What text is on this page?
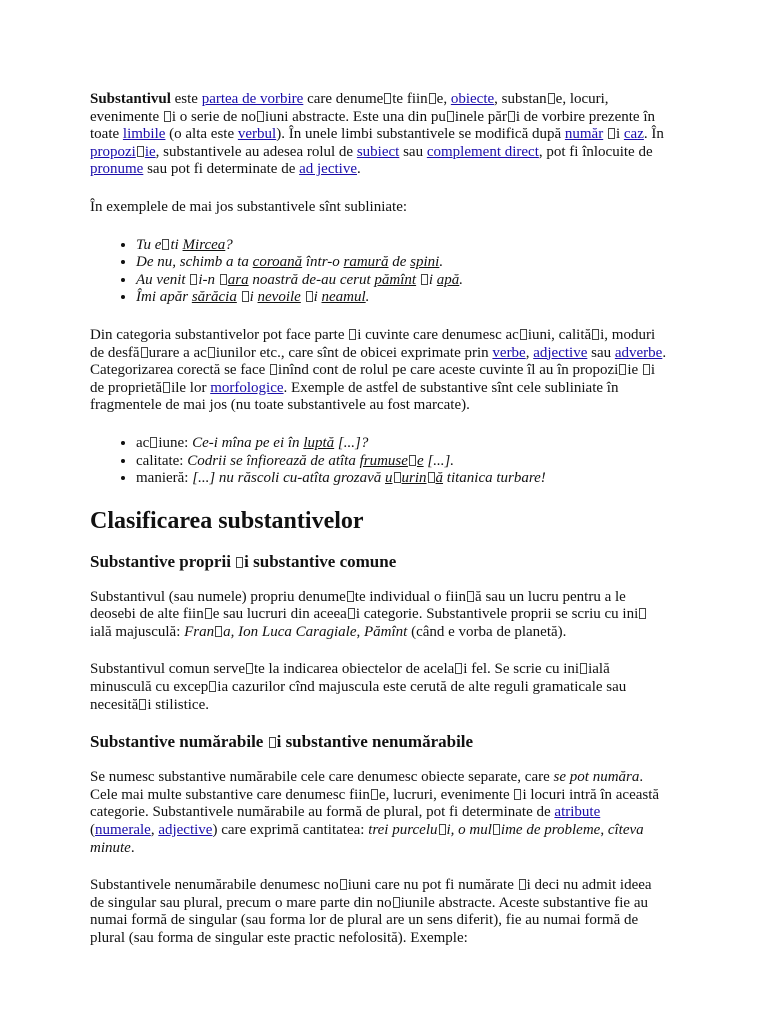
Substantivul este partea de vorbire care denume te fiin e, obiecte, substan e, locuri, evenimente i o serie de no iuni abstracte. Este una din pu inele păr i de vorbire prezente în toate limbile (o alta este verbul). În unele limbi substantivele se modifică după număr i caz. În propozi ie, substantivele au adesea rolul de subiect sau complement direct, pot fi înlocuite de pronume sau pot fi determinate de ad jective.

În exemplele de mai jos substantivele sînt subliniate:

• Tu e ti Mircea?
• De nu, schimb a ta coroană într-o ramură de spini.
• Au venit i-n ara noastră de-au cerut pămînt i apă.
• Îmi apăr sărăcia i nevoile i neamul.

Din categoria substantivelor pot face parte i cuvinte care denumesc ac iuni, calită i, moduri de desfă urare a ac iunilor etc., care sînt de obicei exprimate prin verbe, adjective sau adverbe. Categorizarea corectă se face inînd cont de rolul pe care aceste cuvinte îl au în propozi ie i de proprietă ile lor morfologice. Exemple de astfel de substantive sînt cele subliniate în fragmentele de mai jos (nu toate substantivele au fost marcate).

• ac iune: Ce-i mîna pe ei în luptă [...]?
• calitate: Codrii se înfiorează de atîta frumuse e [...].
• manieră: [...] nu răscoli cu-atîta grozavă u urin ă titanica turbare!
Clasificarea substantivelor
Substantive proprii i substantive comune

Substantivul (sau numele) propriu denume te individual o fiin ă sau un lucru pentru a le deosebi de alte fiin e sau lucruri din aceea i categorie. Substantivele proprii se scriu cu iniială majusculă: Fran a, Ion Luca Caragiale, Pămînt (când e vorba de planetă).

Substantivul comun serve te la indicarea obiectelor de acela i fel. Se scrie cu ini ială minusculă cu excep ia cazurilor cînd majuscula este cerută de alte reguli gramaticale sau necesită i stilistice.

Substantive numărabile i substantive nenumărabile

Se numesc substantive numărabile cele care denumesc obiecte separate, care se pot număra. Cele mai multe substantive care denumesc fiin e, lucruri, evenimente i locuri intră în această categorie. Substantivele numărabile au formă de plural, pot fi determinate de atribute (numerale, adjective) care exprimă cantitatea: trei purcelu i, o mul ime de probleme, cîteva minute.

Substantivele nenumărabile denumesc no iuni care nu pot fi numărate i deci nu admit ideea de singular sau plural, precum o mare parte din no iunile abstracte. Aceste substantive fie au numai formă de singular (sau forma lor de plural are un sens diferit), fie au numai formă de plural (sau forma de singular este practic nefolosită). Exemple:
